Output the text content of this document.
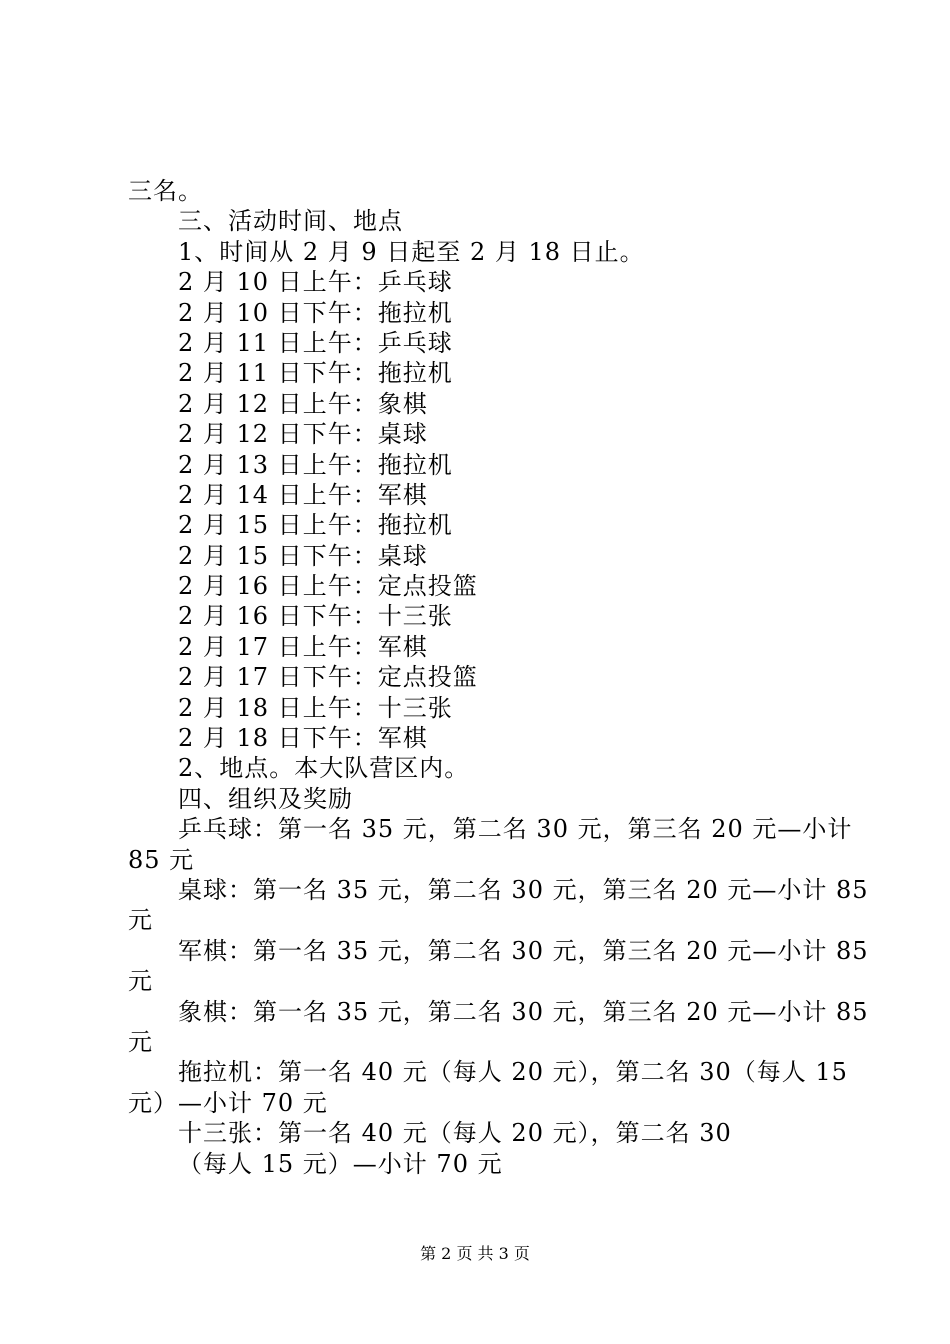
三名。
三、活动时间、地点
1、时间从 2 月 9 日起至 2 月 18 日止。
2 月 10 日上午：乒乓球
2 月 10 日下午：拖拉机
2 月 11 日上午：乒乓球
2 月 11 日下午：拖拉机
2 月 12 日上午：象棋
2 月 12 日下午：桌球
2 月 13 日上午：拖拉机
2 月 14 日上午：军棋
2 月 15 日上午：拖拉机
2 月 15 日下午：桌球
2 月 16 日上午：定点投篮
2 月 16 日下午：十三张
2 月 17 日上午：军棋
2 月 17 日下午：定点投篮
2 月 18 日上午：十三张
2 月 18 日下午：军棋
2、地点。本大队营区内。
四、组织及奖励
乒乓球：第一名 35 元，第二名 30 元，第三名 20 元—小计
85 元
桌球：第一名 35 元，第二名 30 元，第三名 20 元—小计 85
元
军棋：第一名 35 元，第二名 30 元，第三名 20 元—小计 85
元
象棋：第一名 35 元，第二名 30 元，第三名 20 元—小计 85
元
拖拉机：第一名 40 元（每人 20 元），第二名 30（每人 15
元）—小计 70 元
十三张：第一名 40 元（每人 20 元），第二名 30
（每人 15 元）—小计 70 元
第 2 页 共 3 页
